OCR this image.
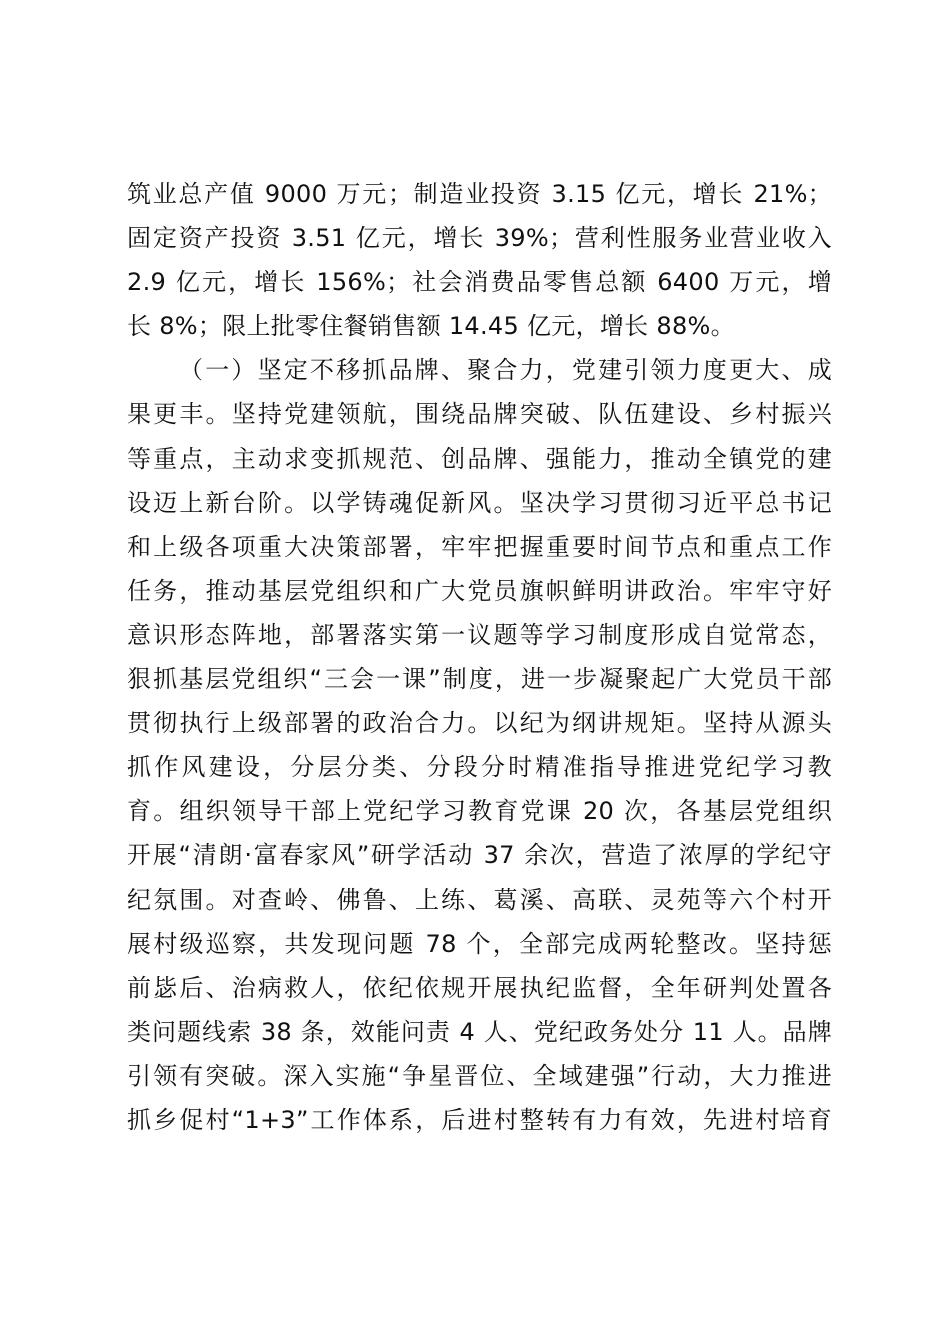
筑业总产值 9000 万元；制造业投资 3.15 亿元，增长 21%；
固定资产投资 3.51 亿元，增长 39%；营利性服务业营业收入
2.9 亿元，增长 156%；社会消费品零售总额 6400 万元，增
长 8%；限上批零住餐销售额 14.45 亿元，增长 88%。
（一）坚定不移抓品牌、聚合力，党建引领力度更大、成
果更丰。坚持党建领航，围绕品牌突破、队伍建设、乡村振兴
等重点，主动求变抓规范、创品牌、强能力，推动全镇党的建
设迈上新台阶。以学铸魂促新风。坚决学习贯彻习近平总书记
和上级各项重大决策部署，牢牢把握重要时间节点和重点工作
任务，推动基层党组织和广大党员旗帜鲜明讲政治。牢牢守好
意识形态阵地，部署落实第一议题等学习制度形成自觉常态，
狠抓基层党组织“三会一课”制度，进一步凝聚起广大党员干部
贯彻执行上级部署的政治合力。以纪为纲讲规矩。坚持从源头
抓作风建设，分层分类、分段分时精准指导推进党纪学习教
育。组织领导干部上党纪学习教育党课 20 次，各基层党组织
开展“清朗·富春家风”研学活动 37 余次，营造了浓厚的学纪守
纪氛围。对查岭、佛鲁、上练、葛溪、高联、灵苑等六个村开
展村级巡察，共发现问题 78 个，全部完成两轮整改。坚持惩
前毖后、治病救人，依纪依规开展执纪监督，全年研判处置各
类问题线索 38 条，效能问责 4 人、党纪政务处分 11 人。品牌
引领有突破。深入实施“争星晋位、全域建强”行动，大力推进
抓乡促村“1+3”工作体系，后进村整转有力有效，先进村培育
